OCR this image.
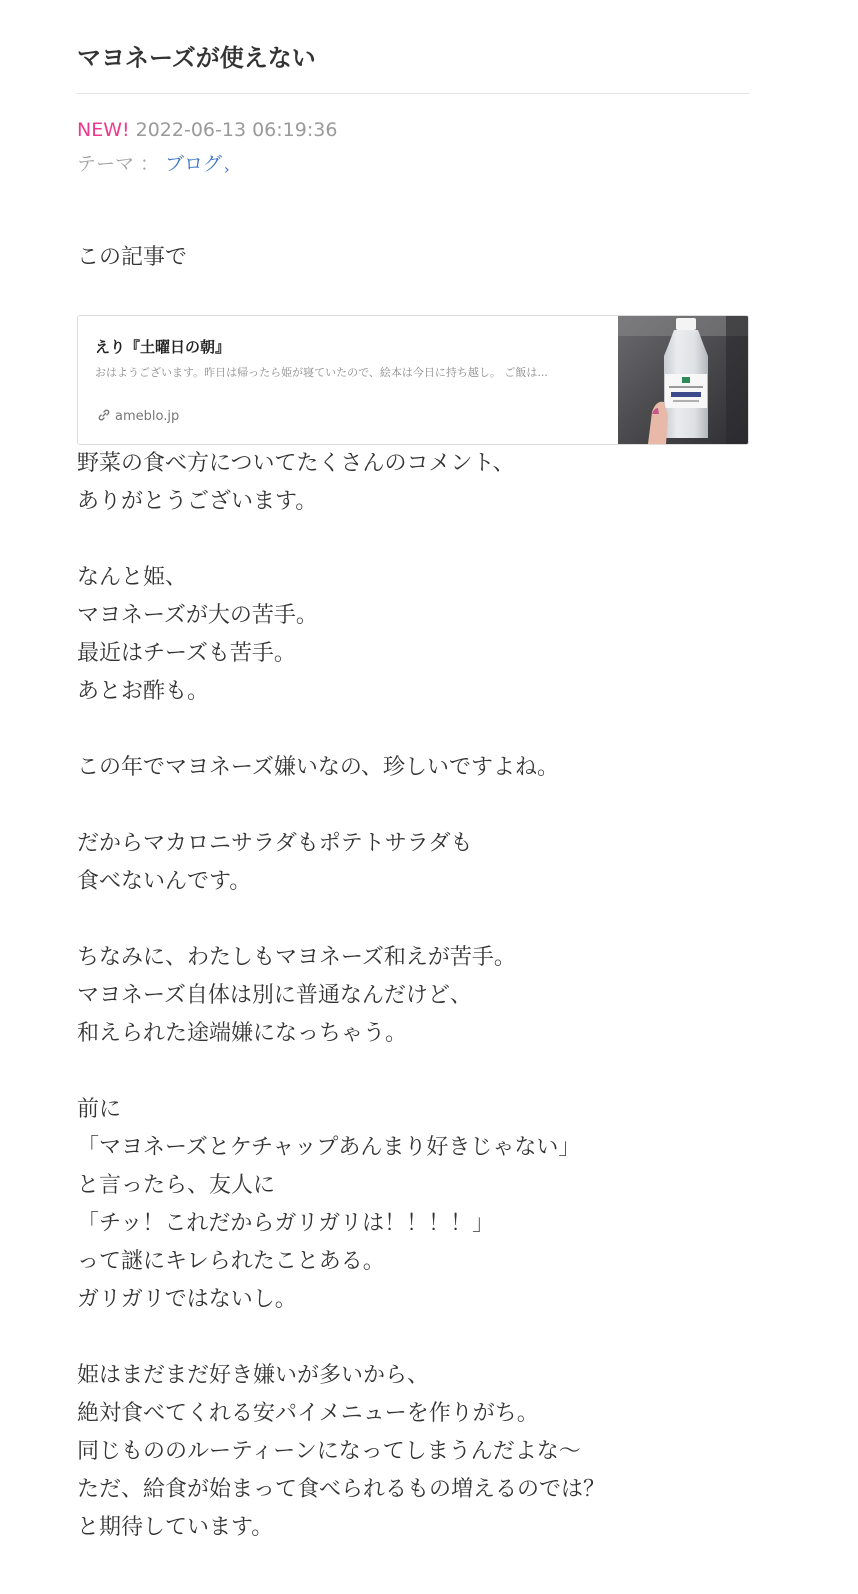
マヨネーズが使えない
NEW! 2022-06-13 06:19:36
テーマ ： ブログ $_›$
この記事で
えり『土曜日の朝』
おはようございます。昨日は帰ったら姫が寝ていたので、絵本は今日に持ち越し。 ご飯は...
ameblo.jp

野菜の食べ方についてたくさんのコメント、
ありがとうございます。

なんと姫、
マヨネーズが大の苦手。
最近はチーズも苦手。
あとお酢も。

この年でマヨネーズ嫌いなの、珍しいですよね。

だからマカロニサラダもポテトサラダも
食べないんです。

ちなみに、わたしもマヨネーズ和えが苦手。
マヨネーズ自体は別に普通なんだけど、
和えられた途端嫌になっちゃう。

前に
「マヨネーズとケチャップあんまり好きじゃない」
と言ったら、友人に
「チッ！これだからガリガリは！！！！」
って謎にキレられたことある。
ガリガリではないし。

姫はまだまだ好き嫌いが多いから、
絶対食べてくれる安パイメニューを作りがち。
同じもののルーティーンになってしまうんだよな〜
ただ、給食が始まって食べられるもの増えるのでは？
と期待しています。
